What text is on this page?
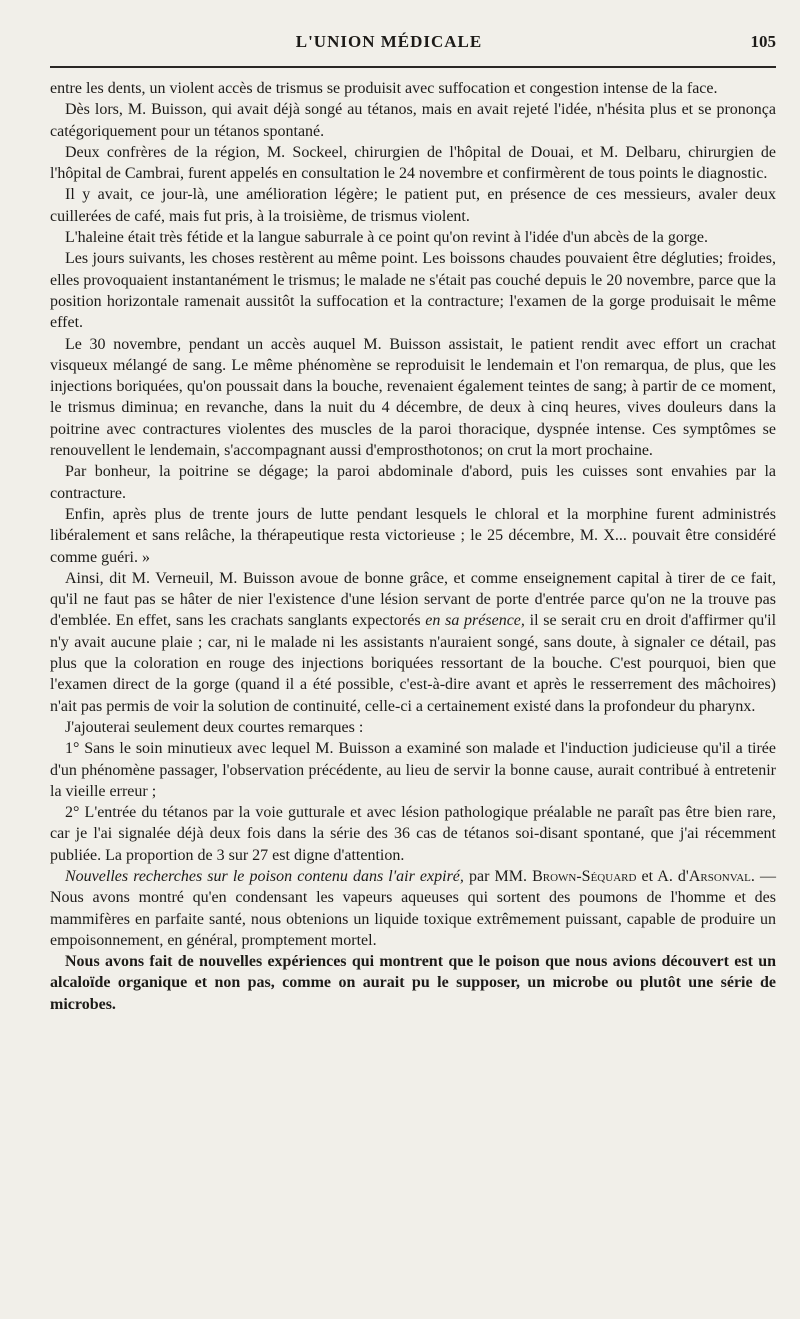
L'UNION MÉDICALE	105

entre les dents, un violent accès de trismus se produisit avec suffocation et congestion intense de la face.

Dès lors, M. Buisson, qui avait déjà songé au tétanos, mais en avait rejeté l'idée, n'hésita plus et se prononça catégoriquement pour un tétanos spontané.

Deux confrères de la région, M. Sockeel, chirurgien de l'hôpital de Douai, et M. Delbaru, chirurgien de l'hôpital de Cambrai, furent appelés en consultation le 24 novembre et confirmèrent de tous points le diagnostic.

Il y avait, ce jour-là, une amélioration légère; le patient put, en présence de ces messieurs, avaler deux cuillerées de café, mais fut pris, à la troisième, de trismus violent.

L'haleine était très fétide et la langue saburrale à ce point qu'on revint à l'idée d'un abcès de la gorge.

Les jours suivants, les choses restèrent au même point. Les boissons chaudes pouvaient être dégluties; froides, elles provoquaient instantanément le trismus; le malade ne s'était pas couché depuis le 20 novembre, parce que la position horizontale ramenait aussitôt la suffocation et la contracture; l'examen de la gorge produisait le même effet.

Le 30 novembre, pendant un accès auquel M. Buisson assistait, le patient rendit avec effort un crachat visqueux mélangé de sang. Le même phénomène se reproduisit le lendemain et l'on remarqua, de plus, que les injections boriquées, qu'on poussait dans la bouche, revenaient également teintes de sang; à partir de ce moment, le trismus diminua; en revanche, dans la nuit du 4 décembre, de deux à cinq heures, vives douleurs dans la poitrine avec contractures violentes des muscles de la paroi thoracique, dyspnée intense. Ces symptômes se renouvellent le lendemain, s'accompagnant aussi d'emprosthotonos; on crut la mort prochaine.

Par bonheur, la poitrine se dégage; la paroi abdominale d'abord, puis les cuisses sont envahies par la contracture.

Enfin, après plus de trente jours de lutte pendant lesquels le chloral et la morphine furent administrés libéralement et sans relâche, la thérapeutique resta victorieuse ; le 25 décembre, M. X... pouvait être considéré comme guéri. »

Ainsi, dit M. Verneuil, M. Buisson avoue de bonne grâce, et comme enseignement capital à tirer de ce fait, qu'il ne faut pas se hâter de nier l'existence d'une lésion servant de porte d'entrée parce qu'on ne la trouve pas d'emblée. En effet, sans les crachats sanglants expectorés en sa présence, il se serait cru en droit d'affirmer qu'il n'y avait aucune plaie ; car, ni le malade ni les assistants n'auraient songé, sans doute, à signaler ce détail, pas plus que la coloration en rouge des injections boriquées ressortant de la bouche. C'est pourquoi, bien que l'examen direct de la gorge (quand il a été possible, c'est-à-dire avant et après le resserrement des mâchoires) n'ait pas permis de voir la solution de continuité, celle-ci a certainement existé dans la profondeur du pharynx.

J'ajouterai seulement deux courtes remarques :

1° Sans le soin minutieux avec lequel M. Buisson a examiné son malade et l'induction judicieuse qu'il a tirée d'un phénomène passager, l'observation précédente, au lieu de servir la bonne cause, aurait contribué à entretenir la vieille erreur ;

2° L'entrée du tétanos par la voie gutturale et avec lésion pathologique préalable ne paraît pas être bien rare, car je l'ai signalée déjà deux fois dans la série des 36 cas de tétanos soi-disant spontané, que j'ai récemment publiée. La proportion de 3 sur 27 est digne d'attention.

Nouvelles recherches sur le poison contenu dans l'air expiré, par MM. Brown-Séquard et A. d'Arsonval. — Nous avons montré qu'en condensant les vapeurs aqueuses qui sortent des poumons de l'homme et des mammifères en parfaite santé, nous obtenions un liquide toxique extrêmement puissant, capable de produire un empoisonnement, en général, promptement mortel.

Nous avons fait de nouvelles expériences qui montrent que le poison que nous avions découvert est un alcaloïde organique et non pas, comme on aurait pu le supposer, un microbe ou plutôt une série de microbes.
